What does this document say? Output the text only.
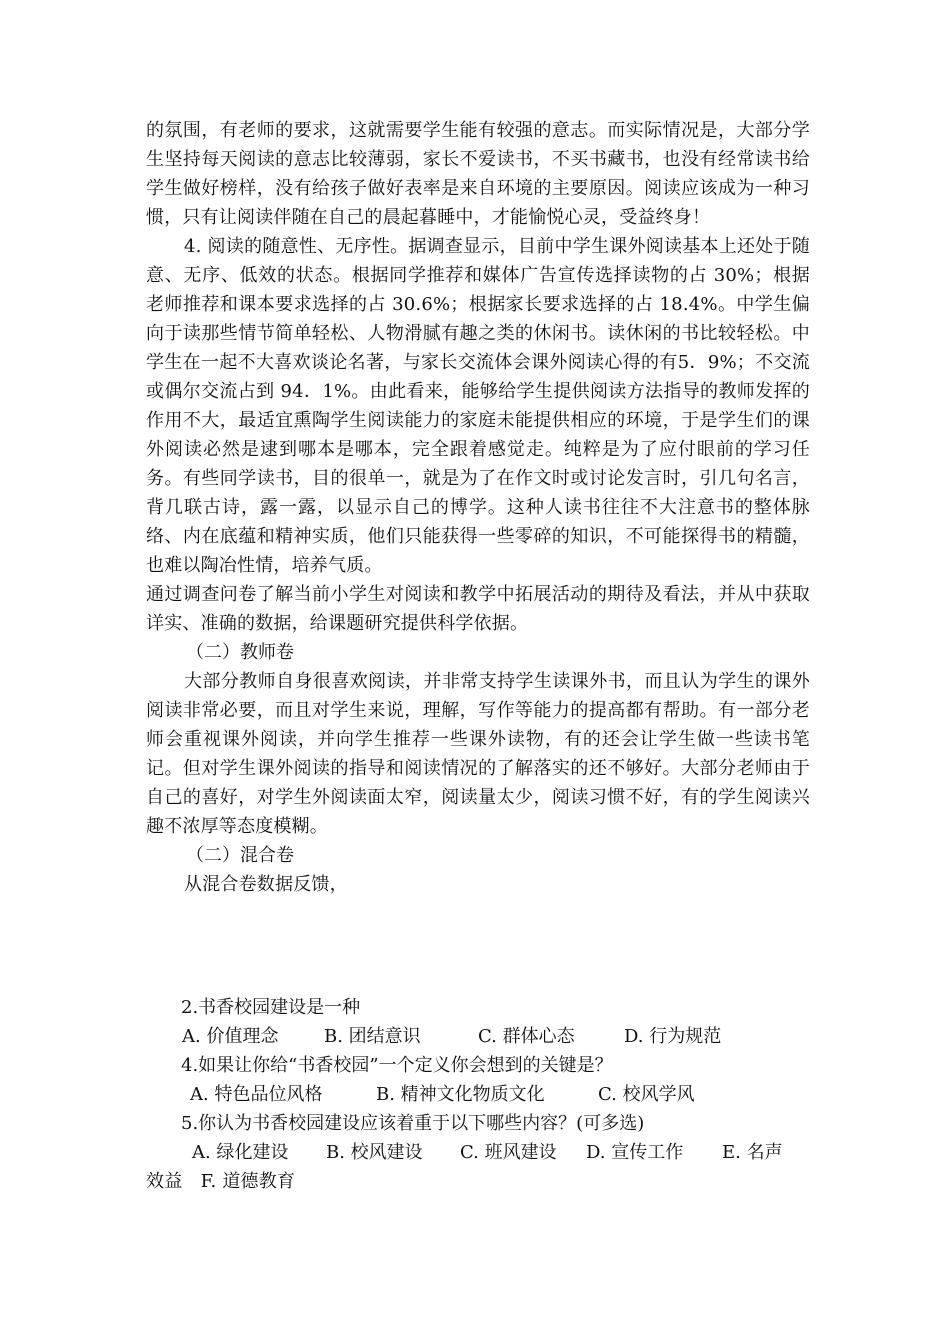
的氛围，有老师的要求，这就需要学生能有较强的意志。而实际情况是，大部分学生坚持每天阅读的意志比较薄弱，家长不爱读书，不买书藏书，也没有经常读书给学生做好榜样，没有给孩子做好表率是来自环境的主要原因。阅读应该成为一种习惯，只有让阅读伴随在自己的晨起暮睡中，才能愉悦心灵，受益终身！

4. 阅读的随意性、无序性。据调查显示，目前中学生课外阅读基本上还处于随意、无序、低效的状态。根据同学推荐和媒体广告宣传选择读物的占 30%；根据老师推荐和课本要求选择的占 30.6%；根据家长要求选择的占 18.4%。中学生偏向于读那些情节简单轻松、人物滑腻有趣之类的休闲书。读休闲的书比较轻松。中学生在一起不大喜欢谈论名著，与家长交流体会课外阅读心得的有5．9%；不交流或偶尔交流占到 94．1%。由此看来，能够给学生提供阅读方法指导的教师发挥的作用不大，最适宜熏陶学生阅读能力的家庭未能提供相应的环境，于是学生们的课外阅读必然是逮到哪本是哪本，完全跟着感觉走。纯粹是为了应付眼前的学习任务。有些同学读书，目的很单一，就是为了在作文时或讨论发言时，引几句名言，背几联古诗，露一露，以显示自己的博学。这种人读书往往不大注意书的整体脉络、内在底蕴和精神实质，他们只能获得一些零碎的知识，不可能探得书的精髓，也难以陶冶性情，培养气质。

通过调查问卷了解当前小学生对阅读和教学中拓展活动的期待及看法，并从中获取详实、准确的数据，给课题研究提供科学依据。

（二）教师卷

大部分教师自身很喜欢阅读，并非常支持学生读课外书，而且认为学生的课外阅读非常必要，而且对学生来说，理解，写作等能力的提高都有帮助。有一部分老师会重视课外阅读，并向学生推荐一些课外读物，有的还会让学生做一些读书笔记。但对学生课外阅读的指导和阅读情况的了解落实的还不够好。大部分老师由于自己的喜好，对学生外阅读面太窄，阅读量太少，阅读习惯不好，有的学生阅读兴趣不浓厚等态度模糊。

（二）混合卷

从混合卷数据反馈，

2.书香校园建设是一种

A. 价值理念	B. 团结意识	C. 群体心态	D. 行为规范

4.如果让你给“书香校园”一个定义你会想到的关键是？

A. 特色品位风格	B. 精神文化物质文化	C. 校风学风

5.你认为书香校园建设应该着重于以下哪些内容？(可多选)

A. 绿化建设 B. 校风建设 C. 班风建设 D. 宣传工作 E. 名声

效益　F. 道德教育
